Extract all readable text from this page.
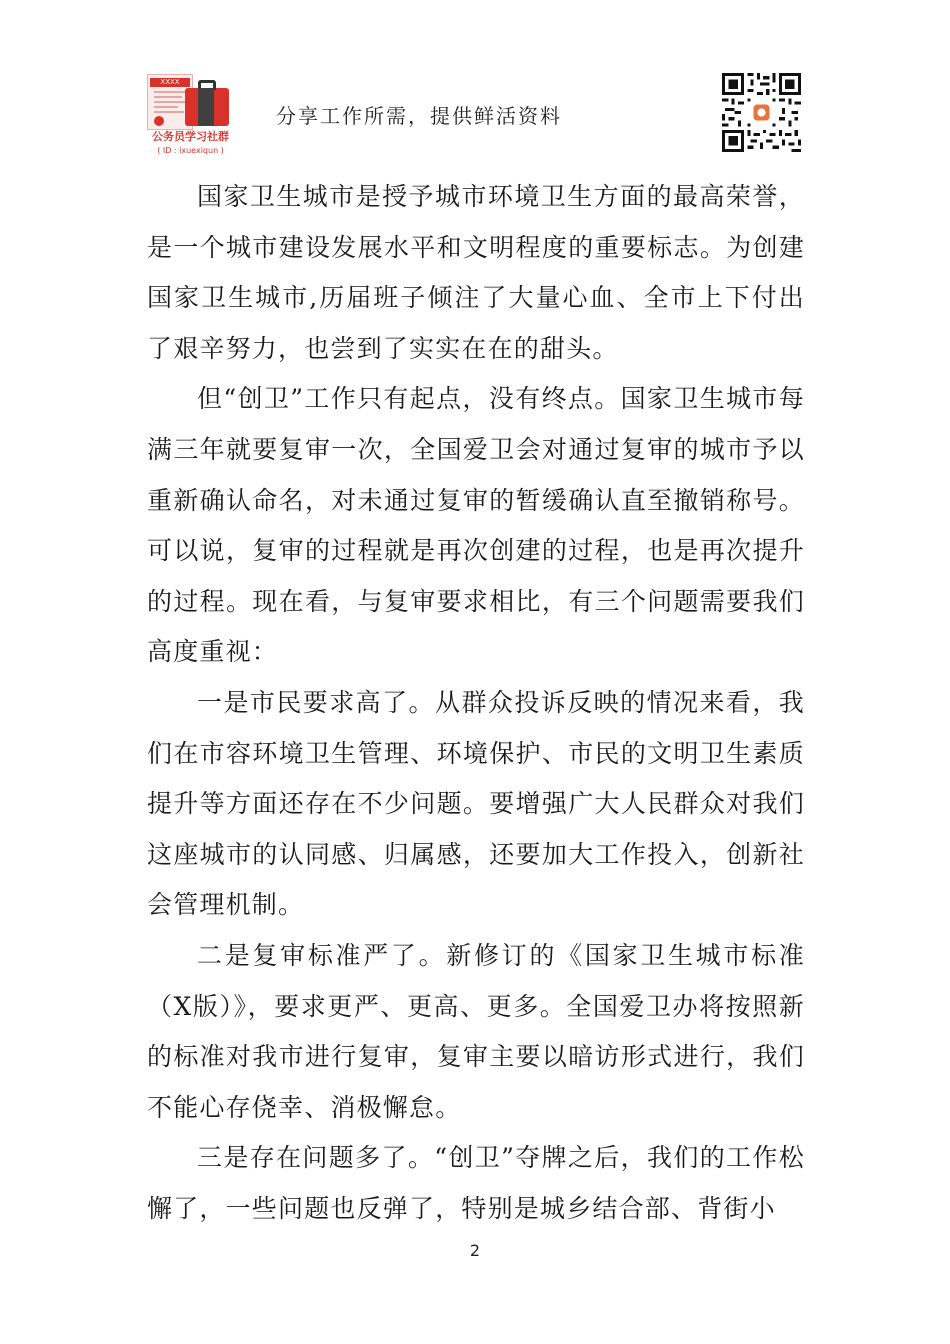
XXXX
公务员学习社群
( ID : ixuexiqun )
分享工作所需，提供鲜活资料

国家卫生城市是授予城市环境卫生方面的最高荣誉，是一个城市建设发展水平和文明程度的重要标志。为创建国家卫生城市,历届班子倾注了大量心血、全市上下付出了艰辛努力，也尝到了实实在在的甜头。

但“创卫”工作只有起点，没有终点。国家卫生城市每满三年就要复审一次，全国爱卫会对通过复审的城市予以重新确认命名，对未通过复审的暂缓确认直至撤销称号。可以说，复审的过程就是再次创建的过程，也是再次提升的过程。现在看，与复审要求相比，有三个问题需要我们高度重视：

一是市民要求高了。从群众投诉反映的情况来看，我们在市容环境卫生管理、环境保护、市民的文明卫生素质提升等方面还存在不少问题。要增强广大人民群众对我们这座城市的认同感、归属感，还要加大工作投入，创新社会管理机制。

二是复审标准严了。新修订的《国家卫生城市标准（X版）》，要求更严、更高、更多。全国爱卫办将按照新的标准对我市进行复审，复审主要以暗访形式进行，我们不能心存侥幸、消极懈怠。

三是存在问题多了。“创卫”夺牌之后，我们的工作松懈了，一些问题也反弹了，特别是城乡结合部、背街小

2
